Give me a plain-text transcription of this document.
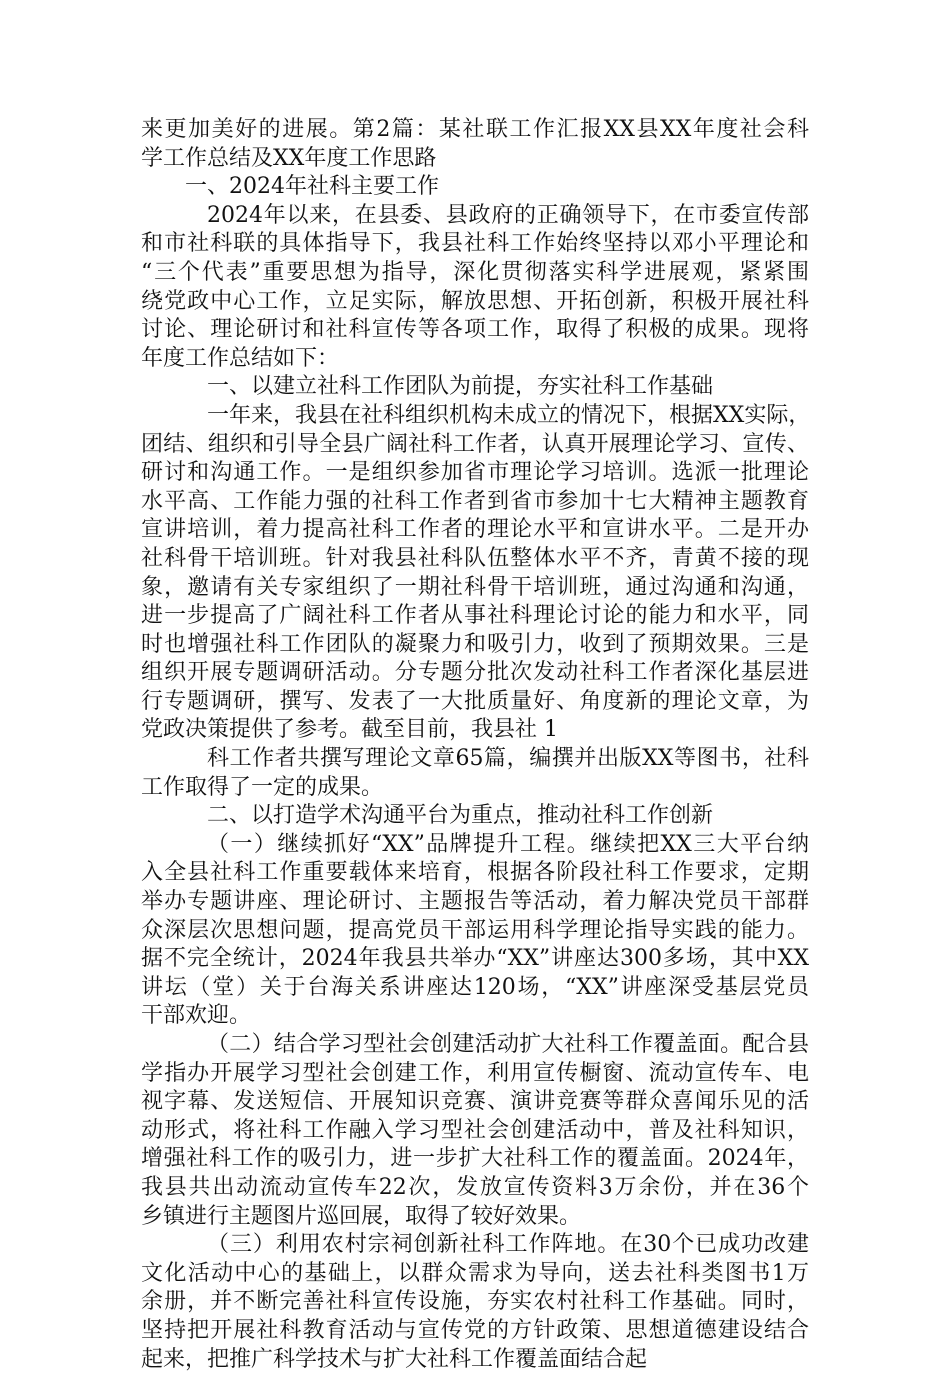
来更加美好的进展。第2篇：某社联工作汇报XX县XX年度社会科
学工作总结及XX年度工作思路
一、2024年社科主要工作
2024年以来，在县委、县政府的正确领导下，在市委宣传部
和市社科联的具体指导下，我县社科工作始终坚持以邓小平理论和
“三个代表”重要思想为指导，深化贯彻落实科学进展观，紧紧围
绕党政中心工作，立足实际，解放思想、开拓创新，积极开展社科
讨论、理论研讨和社科宣传等各项工作，取得了积极的成果。现将
年度工作总结如下：
一、以建立社科工作团队为前提，夯实社科工作基础
一年来，我县在社科组织机构未成立的情况下，根据XX实际，
团结、组织和引导全县广阔社科工作者，认真开展理论学习、宣传、
研讨和沟通工作。一是组织参加省市理论学习培训。选派一批理论
水平高、工作能力强的社科工作者到省市参加十七大精神主题教育
宣讲培训，着力提高社科工作者的理论水平和宣讲水平。二是开办
社科骨干培训班。针对我县社科队伍整体水平不齐，青黄不接的现
象，邀请有关专家组织了一期社科骨干培训班，通过沟通和沟通，
进一步提高了广阔社科工作者从事社科理论讨论的能力和水平，同
时也增强社科工作团队的凝聚力和吸引力，收到了预期效果。三是
组织开展专题调研活动。分专题分批次发动社科工作者深化基层进
行专题调研，撰写、发表了一大批质量好、角度新的理论文章，为
党政决策提供了参考。截至目前，我县社 1
科工作者共撰写理论文章65篇，编撰并出版XX等图书，社科
工作取得了一定的成果。
二、以打造学术沟通平台为重点，推动社科工作创新
（一）继续抓好“XX”品牌提升工程。继续把XX三大平台纳
入全县社科工作重要载体来培育，根据各阶段社科工作要求，定期
举办专题讲座、理论研讨、主题报告等活动，着力解决党员干部群
众深层次思想问题，提高党员干部运用科学理论指导实践的能力。
据不完全统计，2024年我县共举办“XX”讲座达300多场，其中XX
讲坛（堂）关于台海关系讲座达120场，“XX”讲座深受基层党员
干部欢迎。
（二）结合学习型社会创建活动扩大社科工作覆盖面。配合县
学指办开展学习型社会创建工作，利用宣传橱窗、流动宣传车、电
视字幕、发送短信、开展知识竞赛、演讲竞赛等群众喜闻乐见的活
动形式，将社科工作融入学习型社会创建活动中，普及社科知识，
增强社科工作的吸引力，进一步扩大社科工作的覆盖面。2024年，
我县共出动流动宣传车22次，发放宣传资料3万余份，并在36个
乡镇进行主题图片巡回展，取得了较好效果。
（三）利用农村宗祠创新社科工作阵地。在30个已成功改建
文化活动中心的基础上，以群众需求为导向，送去社科类图书1万
余册，并不断完善社科宣传设施，夯实农村社科工作基础。同时，
坚持把开展社科教育活动与宣传党的方针政策、思想道德建设结合
起来，把推广科学技术与扩大社科工作覆盖面结合起
